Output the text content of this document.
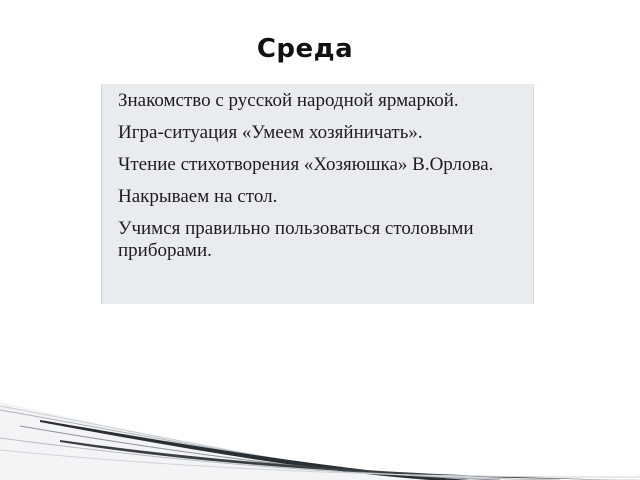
Среда
Знакомство с русской народной ярмаркой.
Игра-ситуация «Умеем хозяйничать».
Чтение стихотворения «Хозяюшка» В.Орлова.
Накрываем на стол.
Учимся правильно пользоваться столовыми приборами.
